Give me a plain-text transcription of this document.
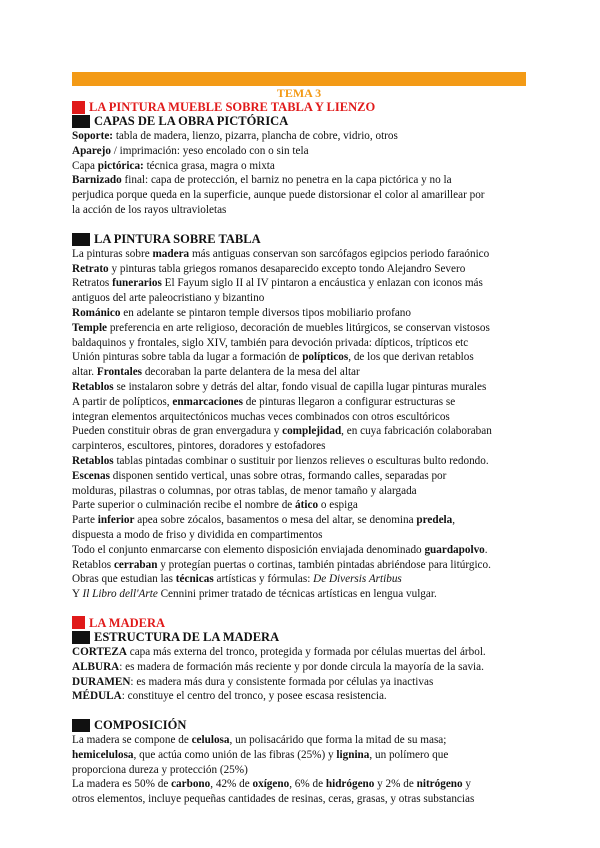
TEMA 3
LA PINTURA MUEBLE SOBRE TABLA Y LIENZO
CAPAS DE LA OBRA PICTÓRICA

Soporte: tabla de madera, lienzo, pizarra, plancha de cobre, vidrio, otros

Aparejo / imprimación: yeso encolado con o sin tela

Capa pictórica: técnica grasa, magra o mixta

Barnizado final: capa de protección, el barniz no penetra en la capa pictórica y no la

perjudica porque queda en la superficie, aunque puede distorsionar el color al amarillear por

la acción de los rayos ultravioletas

LA PINTURA SOBRE TABLA

La pinturas sobre madera más antiguas conservan son sarcófagos egipcios periodo faraónico

Retrato y pinturas tabla griegos romanos desaparecido excepto tondo Alejandro Severo

Retratos funerarios El Fayum siglo II al IV pintaron a encáustica y enlazan con iconos más

antiguos del arte paleocristiano y bizantino

Románico en adelante se pintaron temple diversos tipos mobiliario profano

Temple preferencia en arte religioso, decoración de muebles litúrgicos, se conservan vistosos

baldaquinos y frontales, siglo XIV, también para devoción privada: dípticos, trípticos etc

Unión pinturas sobre tabla da lugar a formación de polípticos, de los que derivan retablos

altar. Frontales decoraban la parte delantera de la mesa del altar

Retablos se instalaron sobre y detrás del altar, fondo visual de capilla lugar pinturas murales

A partir de polípticos, enmarcaciones de pinturas llegaron a configurar estructuras se

integran elementos arquitectónicos muchas veces combinados con otros escultóricos

Pueden constituir obras de gran envergadura y complejidad, en cuya fabricación colaboraban

carpinteros, escultores, pintores, doradores y estofadores

Retablos tablas pintadas combinar o sustituir por lienzos relieves o esculturas bulto redondo.

Escenas disponen sentido vertical, unas sobre otras, formando calles, separadas por

molduras, pilastras o columnas, por otras tablas, de menor tamaño y alargada

Parte superior o culminación recibe el nombre de ático o espiga

Parte inferior apea sobre zócalos, basamentos o mesa del altar, se denomina predela,

dispuesta a modo de friso y dividida en compartimentos

Todo el conjunto enmarcarse con elemento disposición enviajada denominado guardapolvo.

Retablos cerraban y protegían puertas o cortinas, también pintadas abriéndose para litúrgico.

Obras que estudian las técnicas artísticas y fórmulas: De Diversis Artibus

Y Il Libro dell'Arte Cennini primer tratado de técnicas artísticas en lengua vulgar.

LA MADERA
ESTRUCTURA DE LA MADERA

CORTEZA capa más externa del tronco, protegida y formada por células muertas del árbol.

ALBURA: es madera de formación más reciente y por donde circula la mayoría de la savia.

DURAMEN: es madera más dura y consistente formada por células ya inactivas

MÉDULA: constituye el centro del tronco, y posee escasa resistencia.

COMPOSICIÓN

La madera se compone de celulosa, un polisacárido que forma la mitad de su masa;

hemicelulosa, que actúa como unión de las fibras (25%) y lignina, un polímero que

proporciona dureza y protección (25%)

La madera es 50% de carbono, 42% de oxígeno, 6% de hidrógeno y 2% de nitrógeno y

otros elementos, incluye pequeñas cantidades de resinas, ceras, grasas, y otras substancias
